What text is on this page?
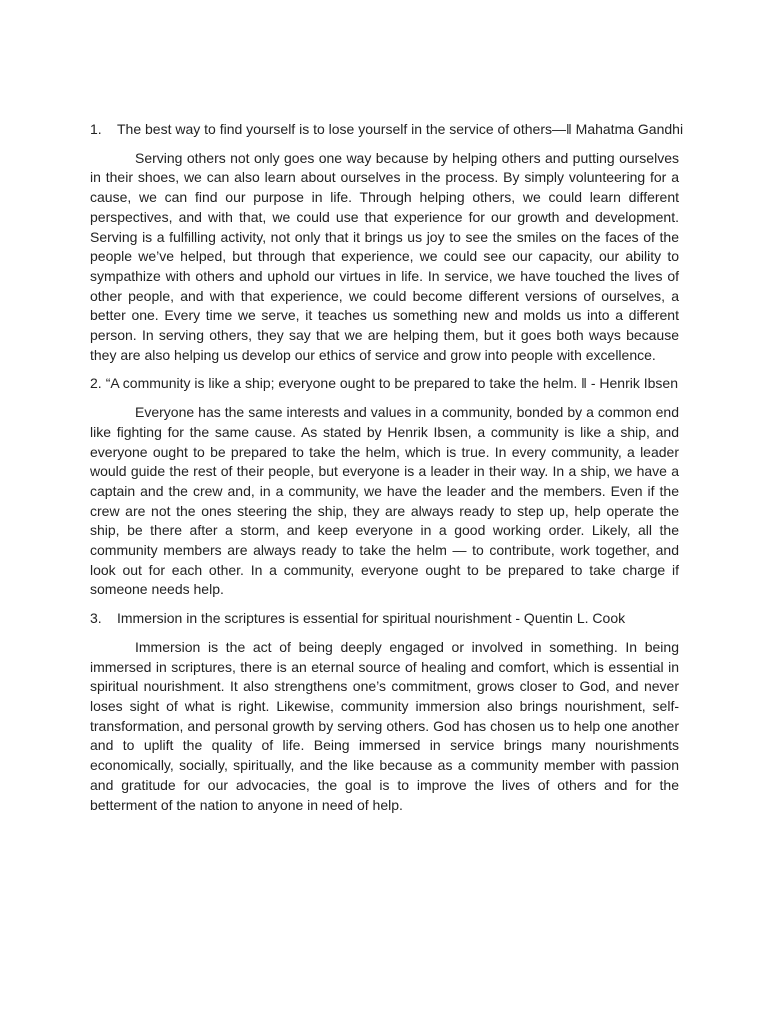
1. The best way to find yourself is to lose yourself in the service of others—‖ Mahatma Gandhi

Serving others not only goes one way because by helping others and putting ourselves in their shoes, we can also learn about ourselves in the process. By simply volunteering for a cause, we can find our purpose in life. Through helping others, we could learn different perspectives, and with that, we could use that experience for our growth and development. Serving is a fulfilling activity, not only that it brings us joy to see the smiles on the faces of the people we’ve helped, but through that experience, we could see our capacity, our ability to sympathize with others and uphold our virtues in life. In service, we have touched the lives of other people, and with that experience, we could become different versions of ourselves, a better one. Every time we serve, it teaches us something new and molds us into a different person. In serving others, they say that we are helping them, but it goes both ways because they are also helping us develop our ethics of service and grow into people with excellence.

2. “A community is like a ship; everyone ought to be prepared to take the helm. ‖ - Henrik Ibsen

Everyone has the same interests and values in a community, bonded by a common end like fighting for the same cause. As stated by Henrik Ibsen, a community is like a ship, and everyone ought to be prepared to take the helm, which is true. In every community, a leader would guide the rest of their people, but everyone is a leader in their way. In a ship, we have a captain and the crew and, in a community, we have the leader and the members. Even if the crew are not the ones steering the ship, they are always ready to step up, help operate the ship, be there after a storm, and keep everyone in a good working order. Likely, all the community members are always ready to take the helm — to contribute, work together, and look out for each other. In a community, everyone ought to be prepared to take charge if someone needs help.

3. Immersion in the scriptures is essential for spiritual nourishment - Quentin L. Cook

Immersion is the act of being deeply engaged or involved in something. In being immersed in scriptures, there is an eternal source of healing and comfort, which is essential in spiritual nourishment. It also strengthens one’s commitment, grows closer to God, and never loses sight of what is right. Likewise, community immersion also brings nourishment, self-transformation, and personal growth by serving others. God has chosen us to help one another and to uplift the quality of life. Being immersed in service brings many nourishments economically, socially, spiritually, and the like because as a community member with passion and gratitude for our advocacies, the goal is to improve the lives of others and for the betterment of the nation to anyone in need of help.
